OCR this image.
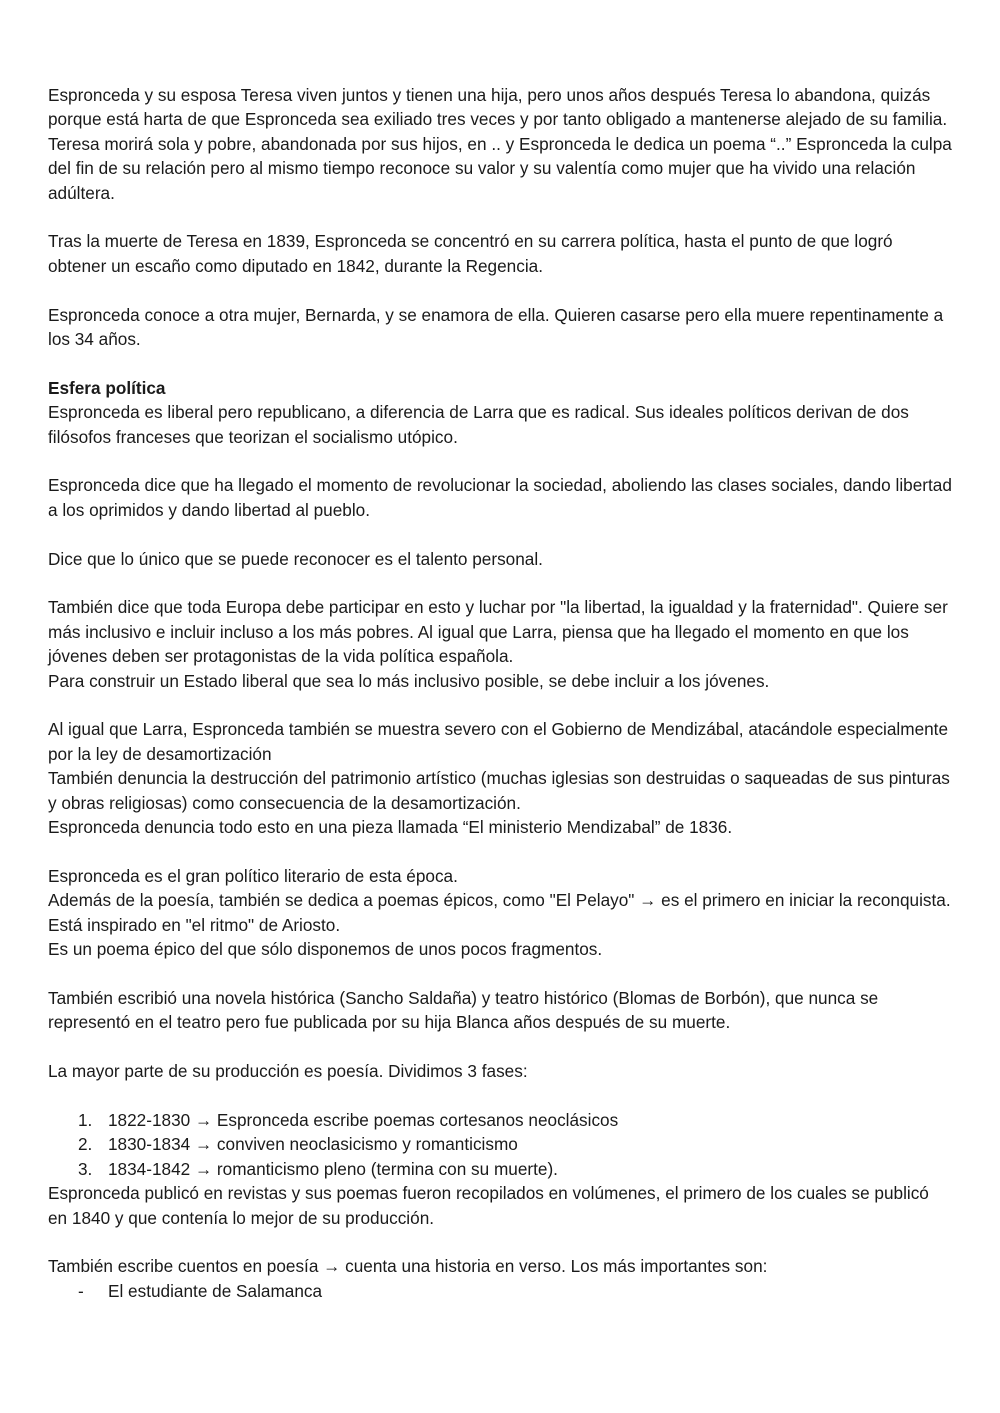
Espronceda y su esposa Teresa viven juntos y tienen una hija, pero unos años después Teresa lo abandona, quizás porque está harta de que Espronceda sea exiliado tres veces y por tanto obligado a mantenerse alejado de su familia.

Teresa morirá sola y pobre, abandonada por sus hijos, en .. y Espronceda le dedica un poema “..” Espronceda la culpa del fin de su relación pero al mismo tiempo reconoce su valor y su valentía como mujer que ha vivido una relación adúltera.

Tras la muerte de Teresa en 1839, Espronceda se concentró en su carrera política, hasta el punto de que logró obtener un escaño como diputado en 1842, durante la Regencia.

Espronceda conoce a otra mujer, Bernarda, y se enamora de ella. Quieren casarse pero ella muere repentinamente a los 34 años.

Esfera política

Espronceda es liberal pero republicano, a diferencia de Larra que es radical. Sus ideales políticos derivan de dos filósofos franceses que teorizan el socialismo utópico.

Espronceda dice que ha llegado el momento de revolucionar la sociedad, aboliendo las clases sociales, dando libertad a los oprimidos y dando libertad al pueblo.

Dice que lo único que se puede reconocer es el talento personal.

También dice que toda Europa debe participar en esto y luchar por "la libertad, la igualdad y la fraternidad". Quiere ser más inclusivo e incluir incluso a los más pobres. Al igual que Larra, piensa que ha llegado el momento en que los jóvenes deben ser protagonistas de la vida política española.

Para construir un Estado liberal que sea lo más inclusivo posible, se debe incluir a los jóvenes.

Al igual que Larra, Espronceda también se muestra severo con el Gobierno de Mendizábal, atacándole especialmente por la ley de desamortización

También denuncia la destrucción del patrimonio artístico (muchas iglesias son destruidas o saqueadas de sus pinturas y obras religiosas) como consecuencia de la desamortización.

Espronceda denuncia todo esto en una pieza llamada “El ministerio Mendizabal” de 1836.

Espronceda es el gran político literario de esta época.

Además de la poesía, también se dedica a poemas épicos, como "El Pelayo" → es el primero en iniciar la reconquista. Está inspirado en "el ritmo" de Ariosto.

Es un poema épico del que sólo disponemos de unos pocos fragmentos.

También escribió una novela histórica (Sancho Saldaña) y teatro histórico (Blomas de Borbón), que nunca se representó en el teatro pero fue publicada por su hija Blanca años después de su muerte.

La mayor parte de su producción es poesía. Dividimos 3 fases:

1. 1822-1830 → Espronceda escribe poemas cortesanos neoclásicos
2. 1830-1834 → conviven neoclasicismo y romanticismo
3. 1834-1842 → romanticismo pleno (termina con su muerte).

Espronceda publicó en revistas y sus poemas fueron recopilados en volúmenes, el primero de los cuales se publicó en 1840 y que contenía lo mejor de su producción.

También escribe cuentos en poesía → cuenta una historia en verso. Los más importantes son:

-	El estudiante de Salamanca
